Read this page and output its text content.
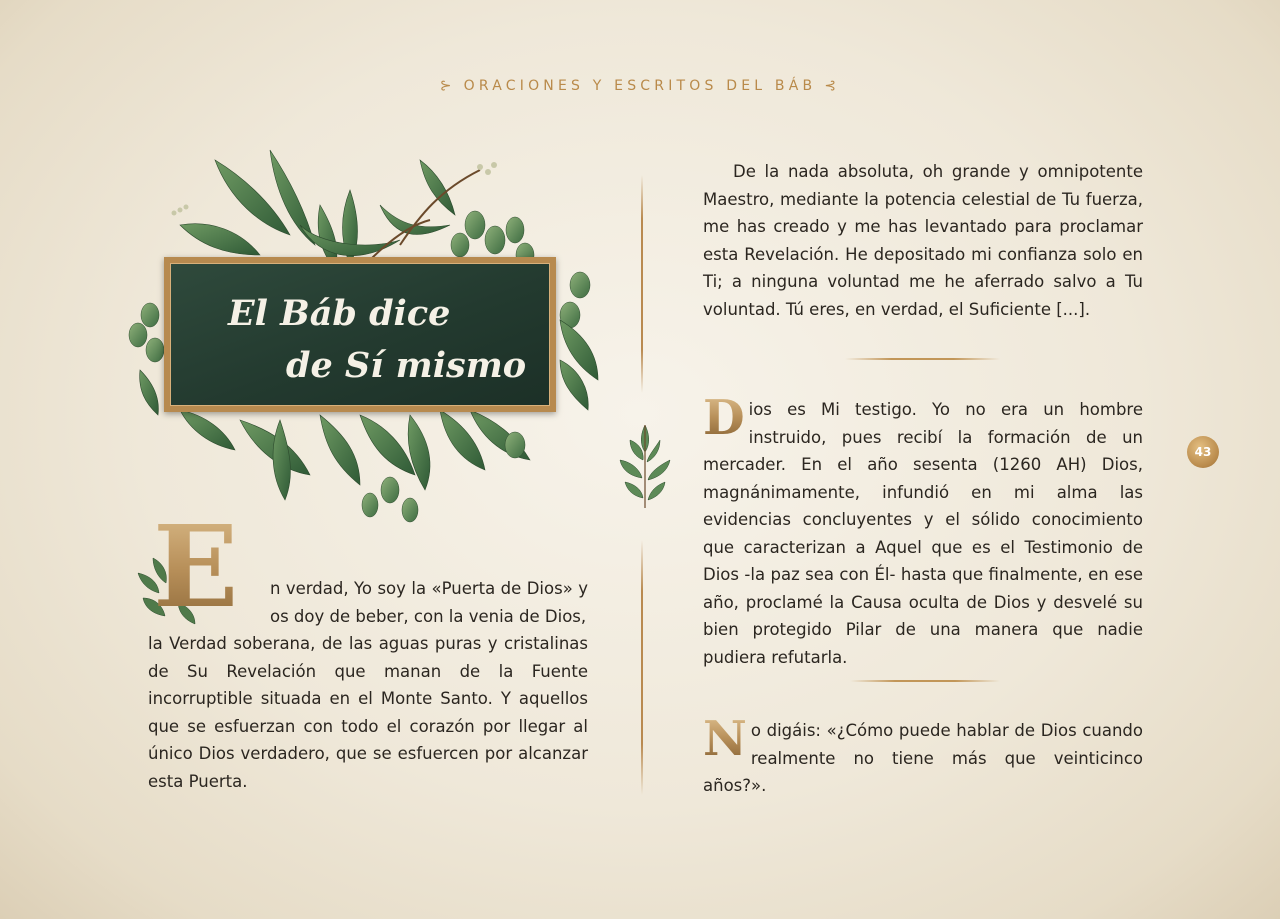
⊱ ORACIONES Y ESCRITOS DEL BÁB ⊰
El Báb dice
de Sí mismo
E n verdad, Yo soy la «Puerta de Dios» y os doy de beber, con la venia de Dios,
la Verdad soberana, de las aguas puras y cristalinas de Su Revelación que manan de la Fuente incorruptible situada en el Monte Santo. Y aquellos que se esfuerzan con todo el corazón por llegar al único Dios verdadero, que se esfuercen por alcanzar esta Puerta.
De la nada absoluta, oh grande y omnipotente Maestro, mediante la potencia celestial de Tu fuerza, me has creado y me has levantado para proclamar esta Revelación. He depositado mi confianza solo en Ti; a ninguna voluntad me he aferrado salvo a Tu voluntad. Tú eres, en verdad, el Suficiente [...].
D ios es Mi testigo. Yo no era un hombre instruido, pues recibí la formación de un mercader. En el año sesenta (1260 AH) Dios, magnánimamente, infundió en mi alma las evidencias concluyentes y el sólido conocimiento que caracterizan a Aquel que es el Testimonio de Dios -la paz sea con Él- hasta que finalmente, en ese año, proclamé la Causa oculta de Dios y desvelé su bien protegido Pilar de una manera que nadie pudiera refutarla.
N o digáis: «¿Cómo puede hablar de Dios cuando realmente no tiene más que veinticinco años?».
43
